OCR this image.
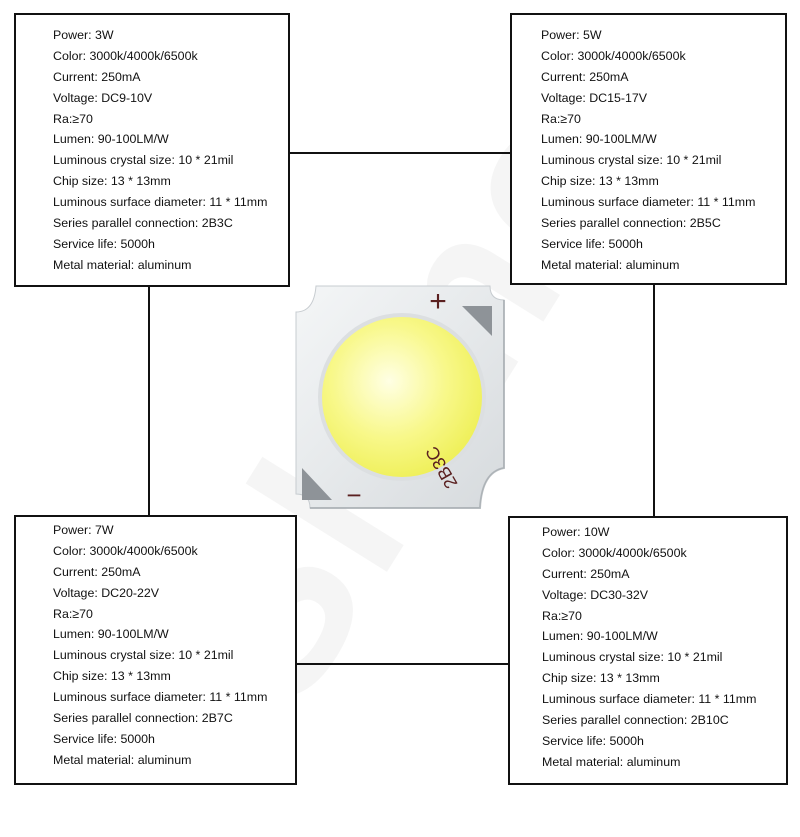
+
−
2B3C
Power: 3W
Color: 3000k/4000k/6500k
Current: 250mA
Voltage: DC9-10V
Ra:≥70
Lumen: 90-100LM/W
Luminous crystal size: 10 * 21mil
Chip size: 13 * 13mm
Luminous surface diameter: 11 * 11mm
Series parallel connection: 2B3C
Service life: 5000h
Metal material: aluminum
Power: 5W
Color: 3000k/4000k/6500k
Current: 250mA
Voltage: DC15-17V
Ra:≥70
Lumen: 90-100LM/W
Luminous crystal size: 10 * 21mil
Chip size: 13 * 13mm
Luminous surface diameter: 11 * 11mm
Series parallel connection: 2B5C
Service life: 5000h
Metal material: aluminum
Power: 7W
Color: 3000k/4000k/6500k
Current: 250mA
Voltage: DC20-22V
Ra:≥70
Lumen: 90-100LM/W
Luminous crystal size: 10 * 21mil
Chip size: 13 * 13mm
Luminous surface diameter: 11 * 11mm
Series parallel connection: 2B7C
Service life: 5000h
Metal material: aluminum
Power: 10W
Color: 3000k/4000k/6500k
Current: 250mA
Voltage: DC30-32V
Ra:≥70
Lumen: 90-100LM/W
Luminous crystal size: 10 * 21mil
Chip size: 13 * 13mm
Luminous surface diameter: 11 * 11mm
Series parallel connection: 2B10C
Service life: 5000h
Metal material: aluminum
